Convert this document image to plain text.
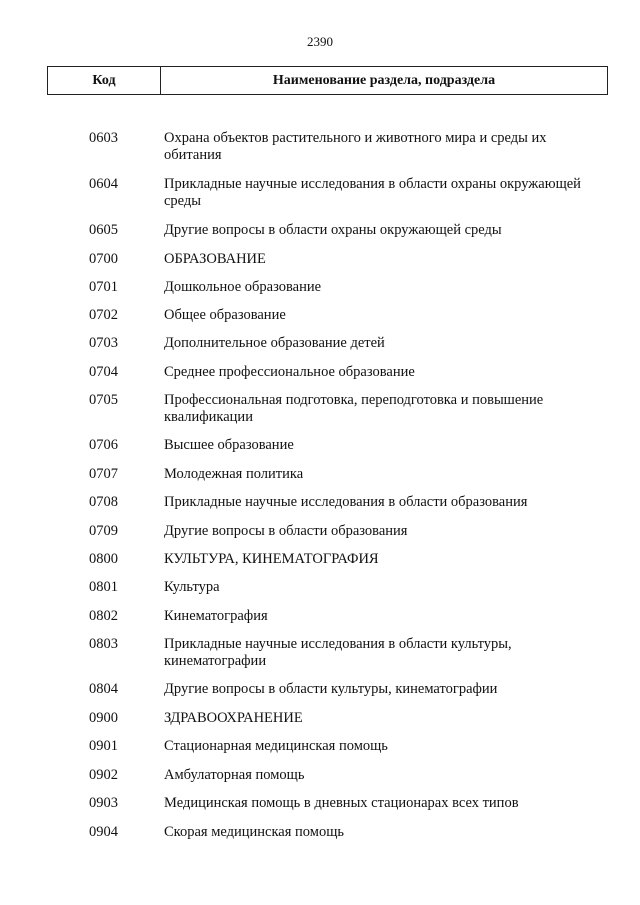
2390
Код	Наименование раздела, подраздела
0603	Охрана объектов растительного и животного мира и среды их обитания
0604	Прикладные научные исследования в области охраны окружающей среды
0605	Другие вопросы в области охраны окружающей среды
0700	ОБРАЗОВАНИЕ
0701	Дошкольное образование
0702	Общее образование
0703	Дополнительное образование детей
0704	Среднее профессиональное образование
0705	Профессиональная подготовка, переподготовка и повышение квалификации
0706	Высшее образование
0707	Молодежная политика
0708	Прикладные научные исследования в области образования
0709	Другие вопросы в области образования
0800	КУЛЬТУРА, КИНЕМАТОГРАФИЯ
0801	Культура
0802	Кинематография
0803	Прикладные научные исследования в области культуры, кинематографии
0804	Другие вопросы в области культуры, кинематографии
0900	ЗДРАВООХРАНЕНИЕ
0901	Стационарная медицинская помощь
0902	Амбулаторная помощь
0903	Медицинская помощь в дневных стационарах всех типов
0904	Скорая медицинская помощь
